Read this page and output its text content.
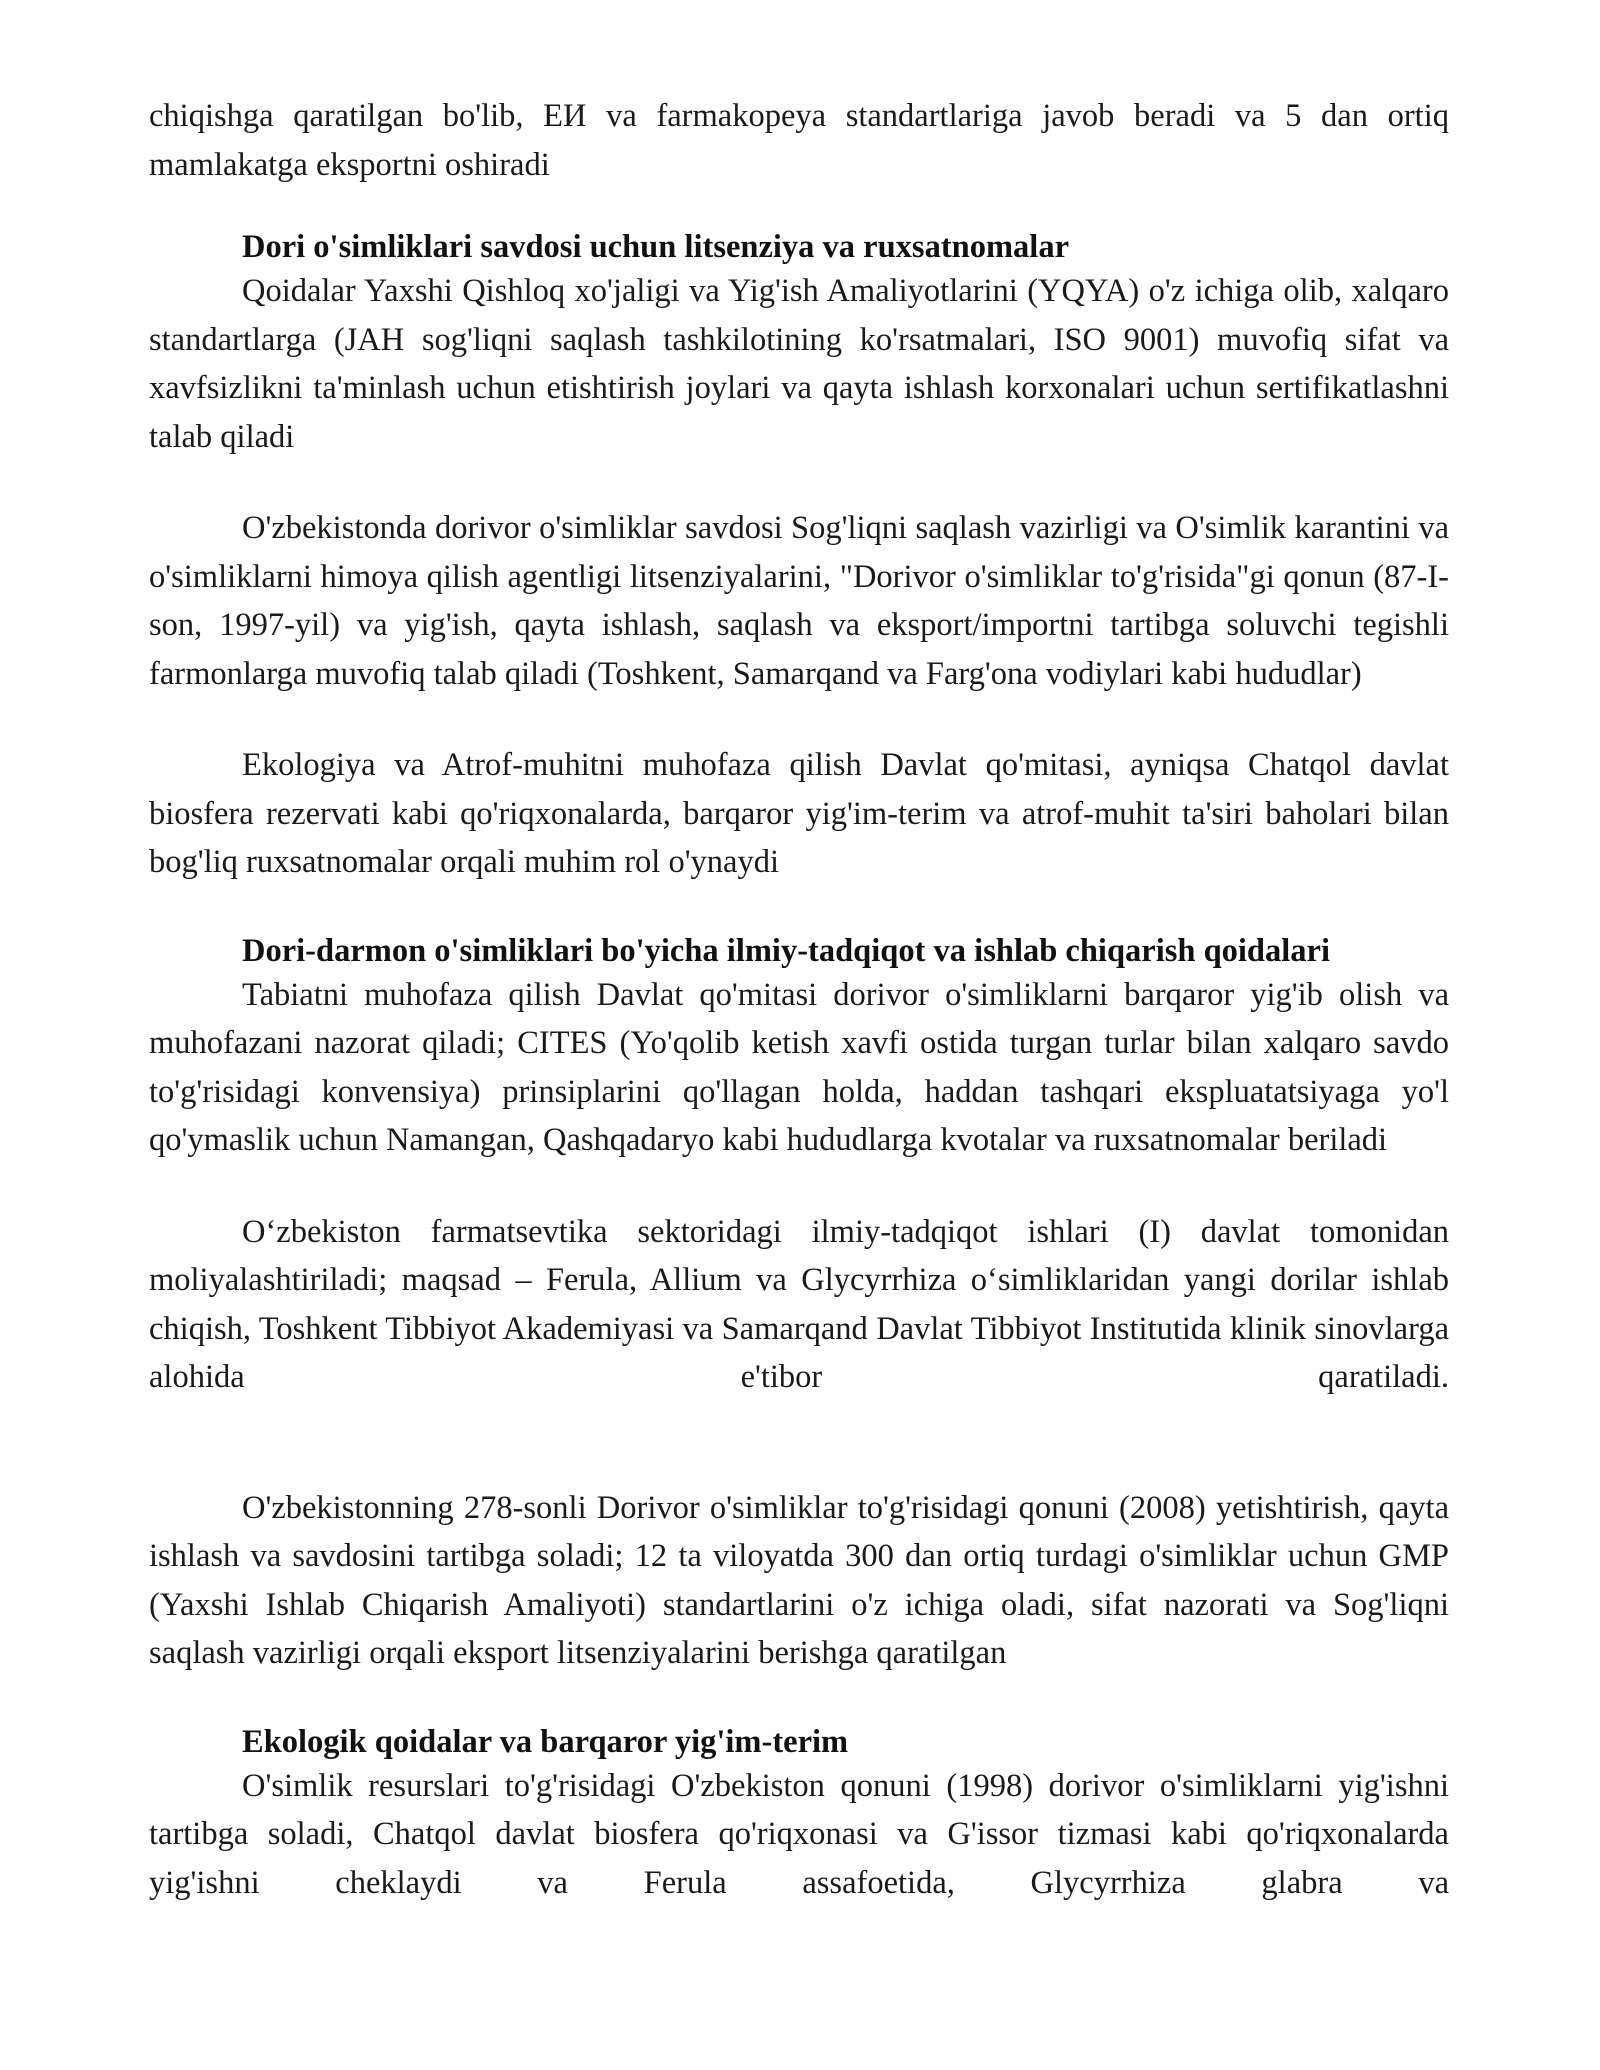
chiqishga qaratilgan bo'lib, EИ va farmakopeya standartlariga javob beradi va 5 dan ortiq mamlakatga eksportni oshiradi

Dori o'simliklari savdosi uchun litsenziya va ruxsatnomalar

Qoidalar Yaxshi Qishloq xo'jaligi va Yig'ish Amaliyotlarini (YQYA) o'z ichiga olib, xalqaro standartlarga (JAH sog'liqni saqlash tashkilotining ko'rsatmalari, ISO 9001) muvofiq sifat va xavfsizlikni ta'minlash uchun etishtirish joylari va qayta ishlash korxonalari uchun sertifikatlashni talab qiladi

O'zbekistonda dorivor o'simliklar savdosi Sog'liqni saqlash vazirligi va O'simlik karantini va o'simliklarni himoya qilish agentligi litsenziyalarini, "Dorivor o'simliklar to'g'risida"gi qonun (87-I-son, 1997-yil) va yig'ish, qayta ishlash, saqlash va eksport/importni tartibga soluvchi tegishli farmonlarga muvofiq talab qiladi (Toshkent, Samarqand va Farg'ona vodiylari kabi hududlar)

Ekologiya va Atrof-muhitni muhofaza qilish Davlat qo'mitasi, ayniqsa Chatqol davlat biosfera rezervati kabi qo'riqxonalarda, barqaror yig'im-terim va atrof-muhit ta'siri baholari bilan bog'liq ruxsatnomalar orqali muhim rol o'ynaydi

Dori-darmon o'simliklari bo'yicha ilmiy-tadqiqot va ishlab chiqarish qoidalari

Tabiatni muhofaza qilish Davlat qo'mitasi dorivor o'simliklarni barqaror yig'ib olish va muhofazani nazorat qiladi; CITES (Yo'qolib ketish xavfi ostida turgan turlar bilan xalqaro savdo to'g'risidagi konvensiya) prinsiplarini qo'llagan holda, haddan tashqari ekspluatatsiyaga yo'l qo'ymaslik uchun Namangan, Qashqadaryo kabi hududlarga kvotalar va ruxsatnomalar beriladi

O‘zbekiston farmatsevtika sektoridagi ilmiy-tadqiqot ishlari (I) davlat tomonidan moliyalashtiriladi; maqsad – Ferula, Allium va Glycyrrhiza o‘simliklaridan yangi dorilar ishlab chiqish, Toshkent Tibbiyot Akademiyasi va Samarqand Davlat Tibbiyot Institutida klinik sinovlarga alohida e'tibor qaratiladi.

O'zbekistonning 278-sonli Dorivor o'simliklar to'g'risidagi qonuni (2008) yetishtirish, qayta ishlash va savdosini tartibga soladi; 12 ta viloyatda 300 dan ortiq turdagi o'simliklar uchun GMP (Yaxshi Ishlab Chiqarish Amaliyoti) standartlarini o'z ichiga oladi, sifat nazorati va Sog'liqni saqlash vazirligi orqali eksport litsenziyalarini berishga qaratilgan

Ekologik qoidalar va barqaror yig'im-terim

O'simlik resurslari to'g'risidagi O'zbekiston qonuni (1998) dorivor o'simliklarni yig'ishni tartibga soladi, Chatqol davlat biosfera qo'riqxonasi va G'issor tizmasi kabi qo'riqxonalarda yig'ishni cheklaydi va Ferula assafoetida, Glycyrrhiza glabra va
